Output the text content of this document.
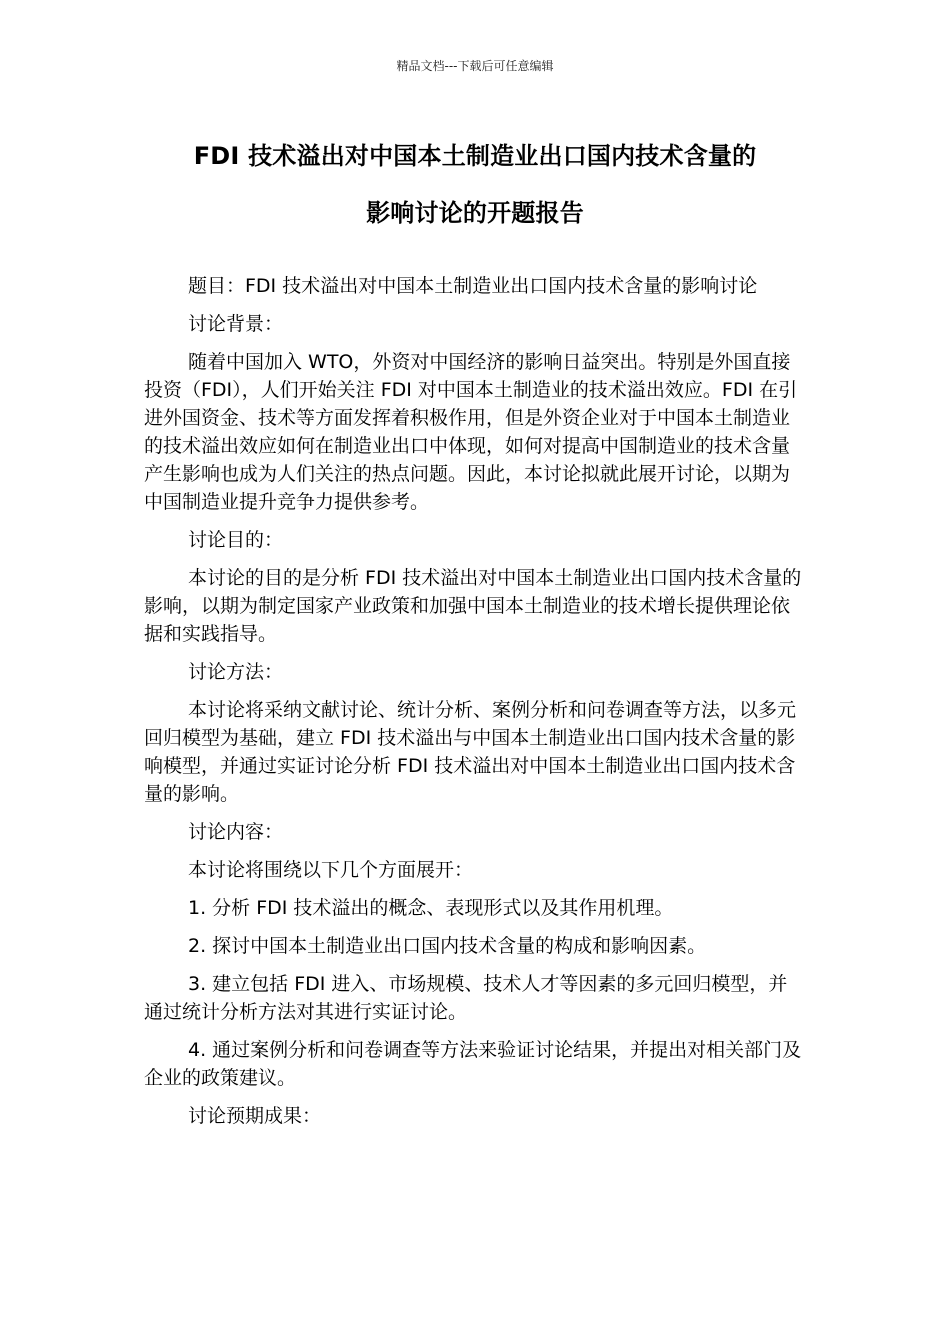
精品文档---下载后可任意编辑
FDI 技术溢出对中国本土制造业出口国内技术含量的
影响讨论的开题报告

题目：FDI 技术溢出对中国本土制造业出口国内技术含量的影响讨论

讨论背景：

随着中国加入 WTO，外资对中国经济的影响日益突出。特别是外国直接投资（FDI），人们开始关注 FDI 对中国本土制造业的技术溢出效应。FDI 在引进外国资金、技术等方面发挥着积极作用，但是外资企业对于中国本土制造业的技术溢出效应如何在制造业出口中体现，如何对提高中国制造业的技术含量产生影响也成为人们关注的热点问题。因此，本讨论拟就此展开讨论，以期为中国制造业提升竞争力提供参考。

讨论目的：

本讨论的目的是分析 FDI 技术溢出对中国本土制造业出口国内技术含量的影响，以期为制定国家产业政策和加强中国本土制造业的技术增长提供理论依据和实践指导。

讨论方法：

本讨论将采纳文献讨论、统计分析、案例分析和问卷调查等方法，以多元回归模型为基础，建立 FDI 技术溢出与中国本土制造业出口国内技术含量的影响模型，并通过实证讨论分析 FDI 技术溢出对中国本土制造业出口国内技术含量的影响。

讨论内容：

本讨论将围绕以下几个方面展开：

1. 分析 FDI 技术溢出的概念、表现形式以及其作用机理。

2. 探讨中国本土制造业出口国内技术含量的构成和影响因素。

3. 建立包括 FDI 进入、市场规模、技术人才等因素的多元回归模型，并通过统计分析方法对其进行实证讨论。

4. 通过案例分析和问卷调查等方法来验证讨论结果，并提出对相关部门及企业的政策建议。

讨论预期成果：
